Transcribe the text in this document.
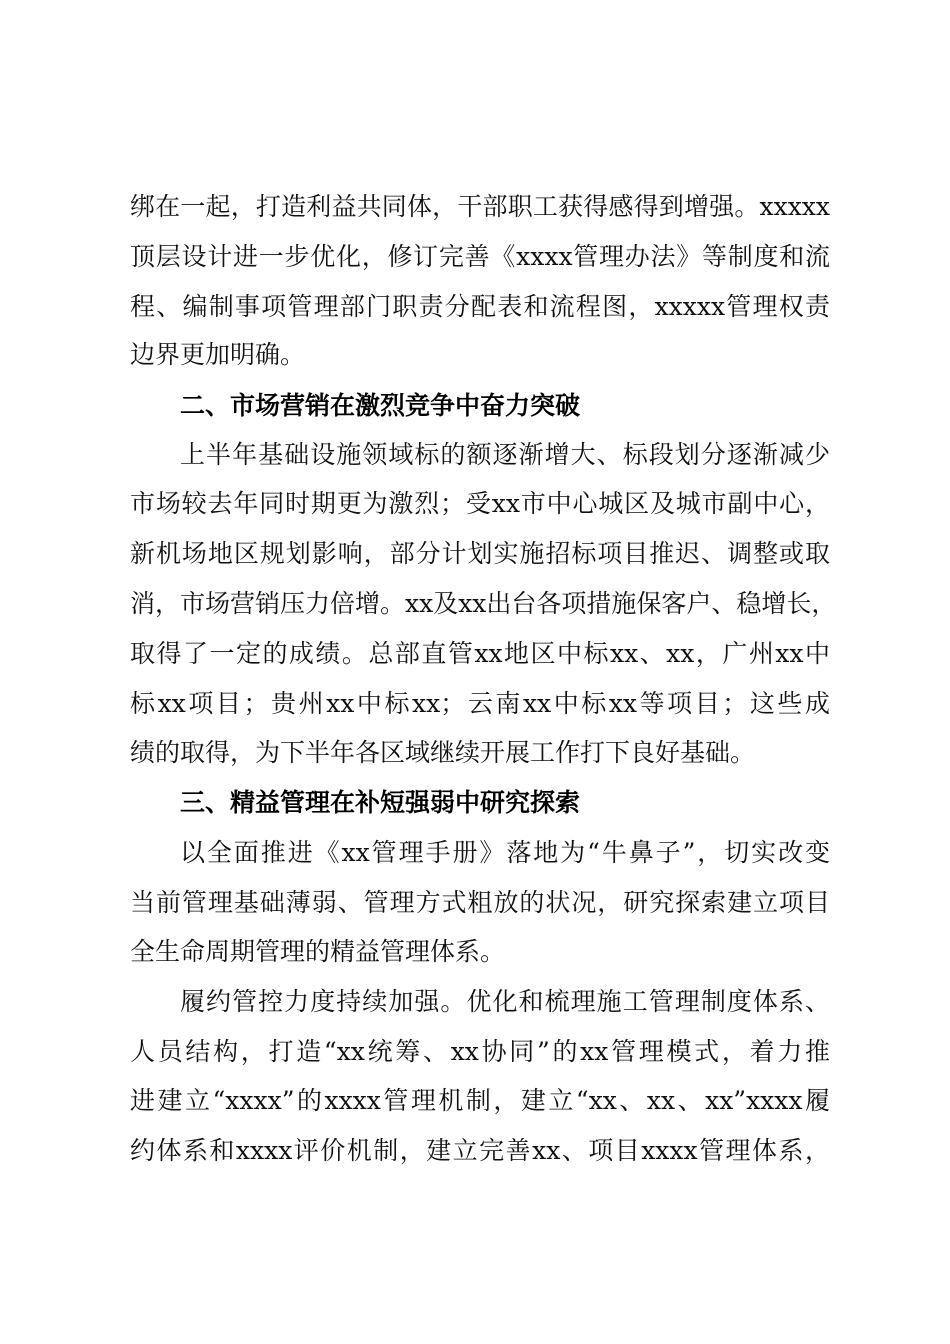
绑在一起，打造利益共同体，干部职工获得感得到增强。xxxxx

顶层设计进一步优化，修订完善《xxxx管理办法》等制度和流

程、编制事项管理部门职责分配表和流程图，xxxxx管理权责

边界更加明确。

二、市场营销在激烈竞争中奋力突破

上半年基础设施领域标的额逐渐增大、标段划分逐渐减少

市场较去年同时期更为激烈；受xx市中心城区及城市副中心，

新机场地区规划影响，部分计划实施招标项目推迟、调整或取

消，市场营销压力倍增。xx及xx出台各项措施保客户、稳增长，

取得了一定的成绩。总部直管xx地区中标xx、xx，广州xx中

标xx项目；贵州xx中标xx；云南xx中标xx等项目；这些成

绩的取得，为下半年各区域继续开展工作打下良好基础。

三、精益管理在补短强弱中研究探索

以全面推进《xx管理手册》落地为“牛鼻子”，切实改变

当前管理基础薄弱、管理方式粗放的状况，研究探索建立项目

全生命周期管理的精益管理体系。

履约管控力度持续加强。优化和梳理施工管理制度体系、

人员结构，打造“xx统筹、xx协同”的xx管理模式，着力推

进建立“xxxx”的xxxx管理机制，建立“xx、xx、xx”xxxx履

约体系和xxxx评价机制，建立完善xx、项目xxxx管理体系，
